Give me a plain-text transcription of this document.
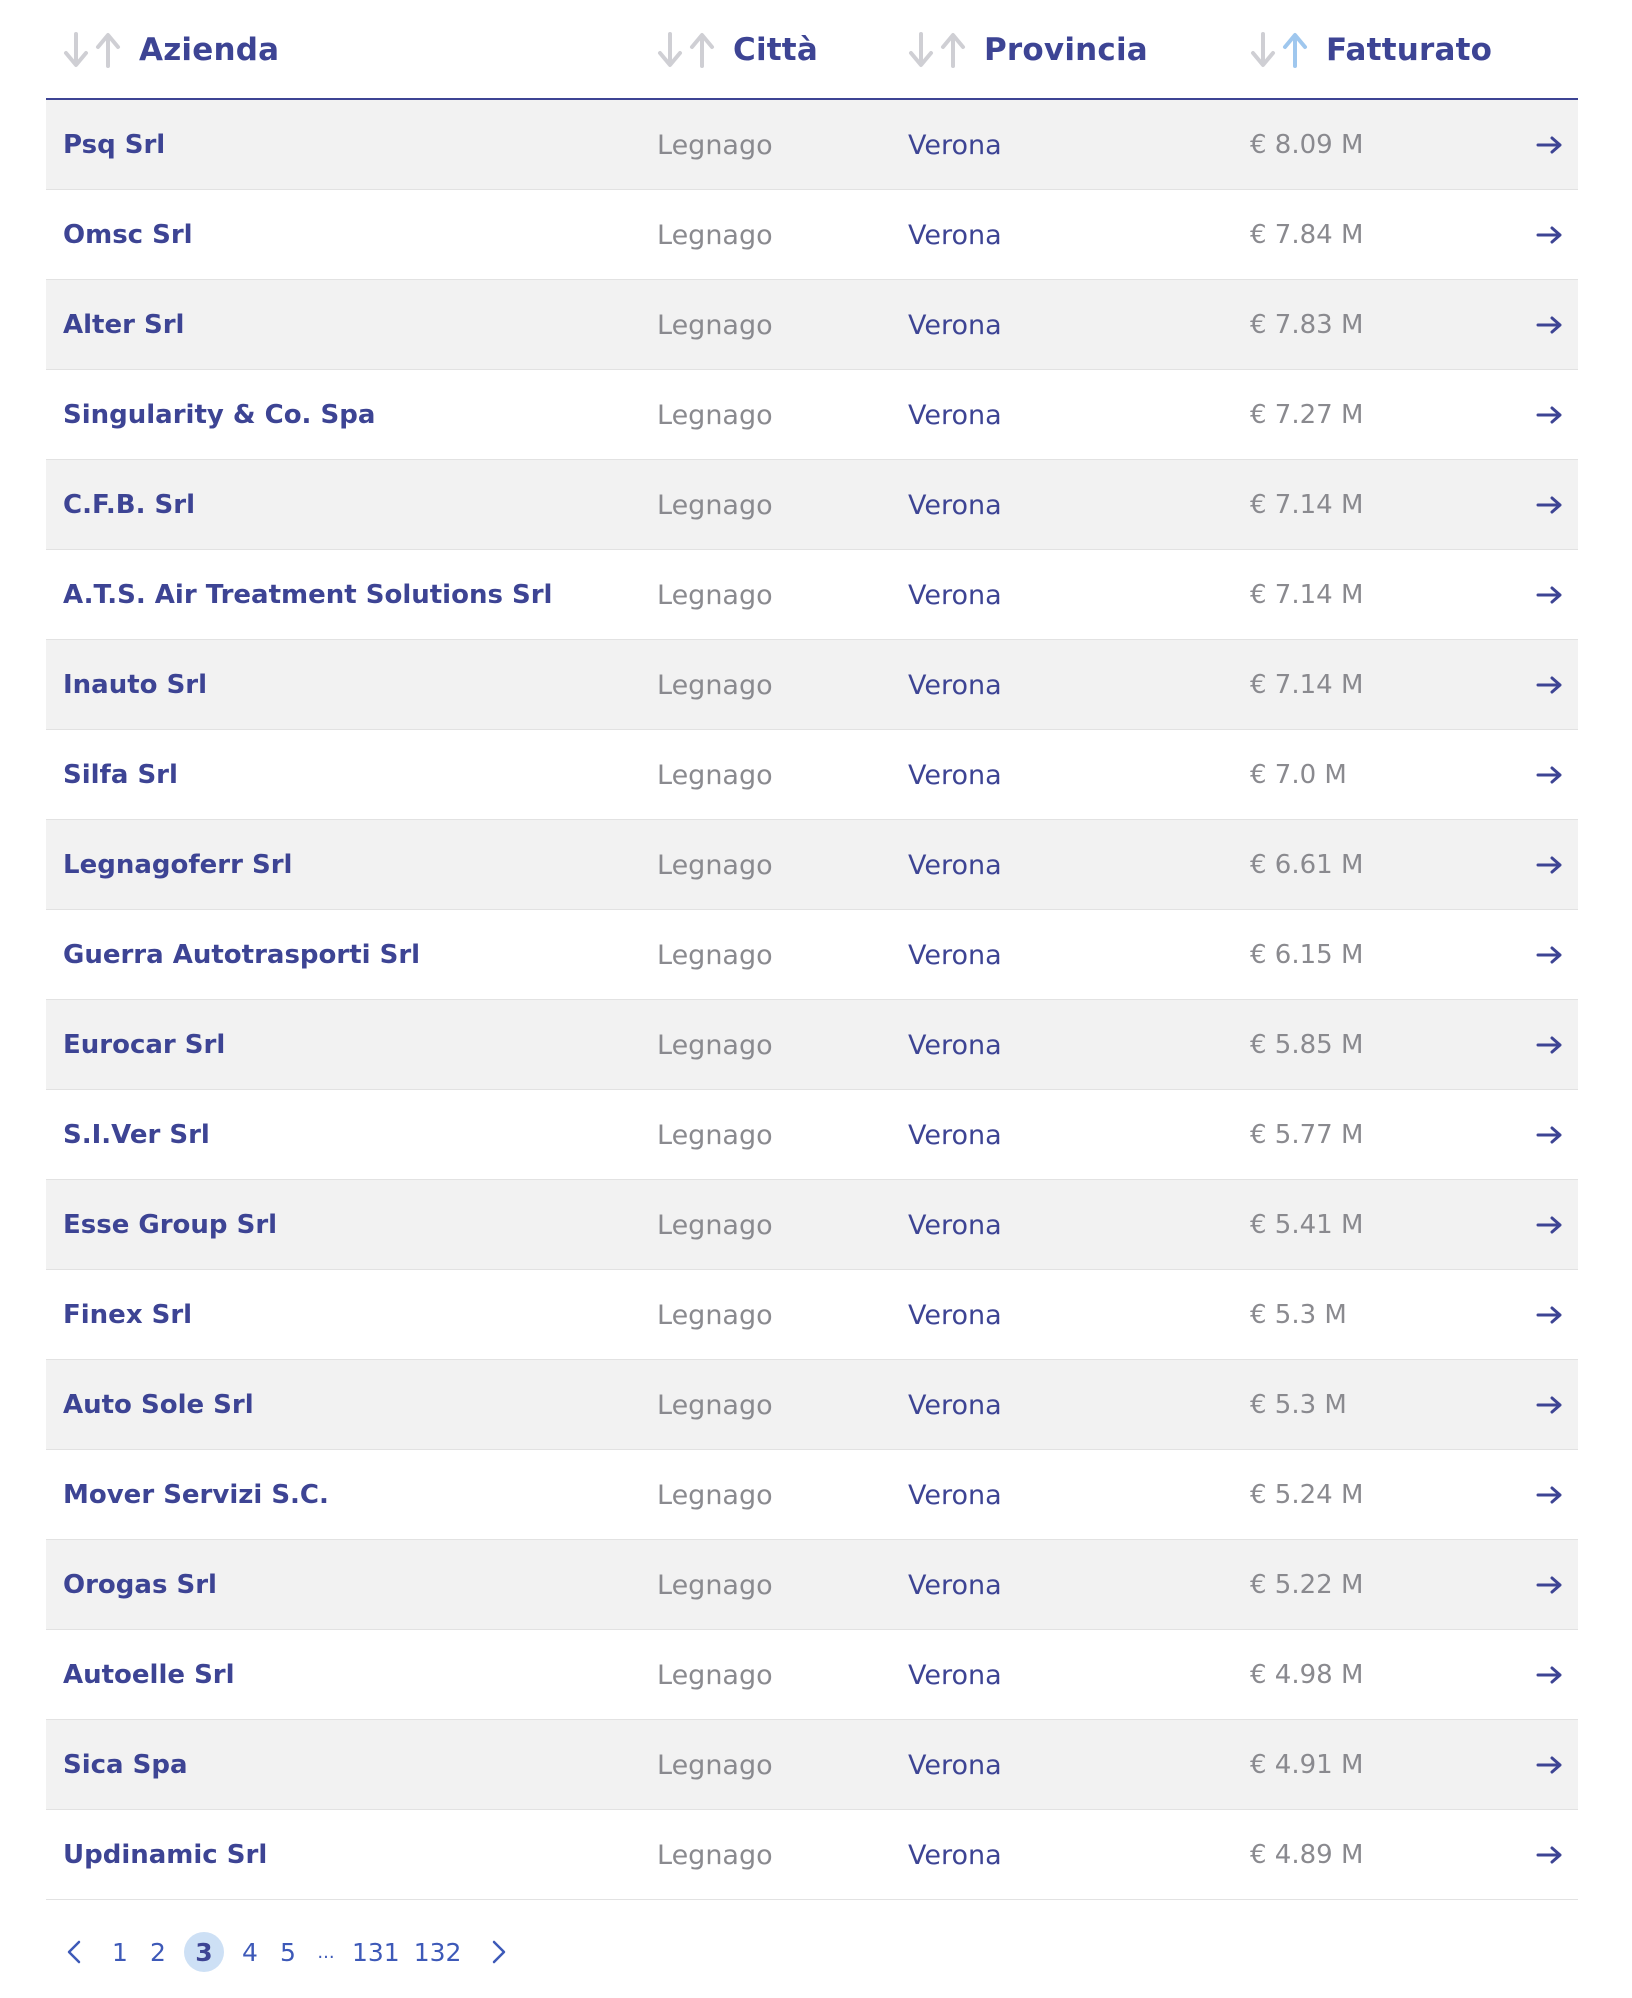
Azienda	Città	Provincia	Fatturato
Psq Srl	Legnago	Verona	€ 8.09 M
Omsc Srl	Legnago	Verona	€ 7.84 M
Alter Srl	Legnago	Verona	€ 7.83 M
Singularity & Co. Spa	Legnago	Verona	€ 7.27 M
C.F.B. Srl	Legnago	Verona	€ 7.14 M
A.T.S. Air Treatment Solutions Srl	Legnago	Verona	€ 7.14 M
Inauto Srl	Legnago	Verona	€ 7.14 M
Silfa Srl	Legnago	Verona	€ 7.0 M
Legnagoferr Srl	Legnago	Verona	€ 6.61 M
Guerra Autotrasporti Srl	Legnago	Verona	€ 6.15 M
Eurocar Srl	Legnago	Verona	€ 5.85 M
S.I.Ver Srl	Legnago	Verona	€ 5.77 M
Esse Group Srl	Legnago	Verona	€ 5.41 M
Finex Srl	Legnago	Verona	€ 5.3 M
Auto Sole Srl	Legnago	Verona	€ 5.3 M
Mover Servizi S.C.	Legnago	Verona	€ 5.24 M
Orogas Srl	Legnago	Verona	€ 5.22 M
Autoelle Srl	Legnago	Verona	€ 4.98 M
Sica Spa	Legnago	Verona	€ 4.91 M
Updinamic Srl	Legnago	Verona	€ 4.89 M
1 2	3	4 5 ... 131 132
